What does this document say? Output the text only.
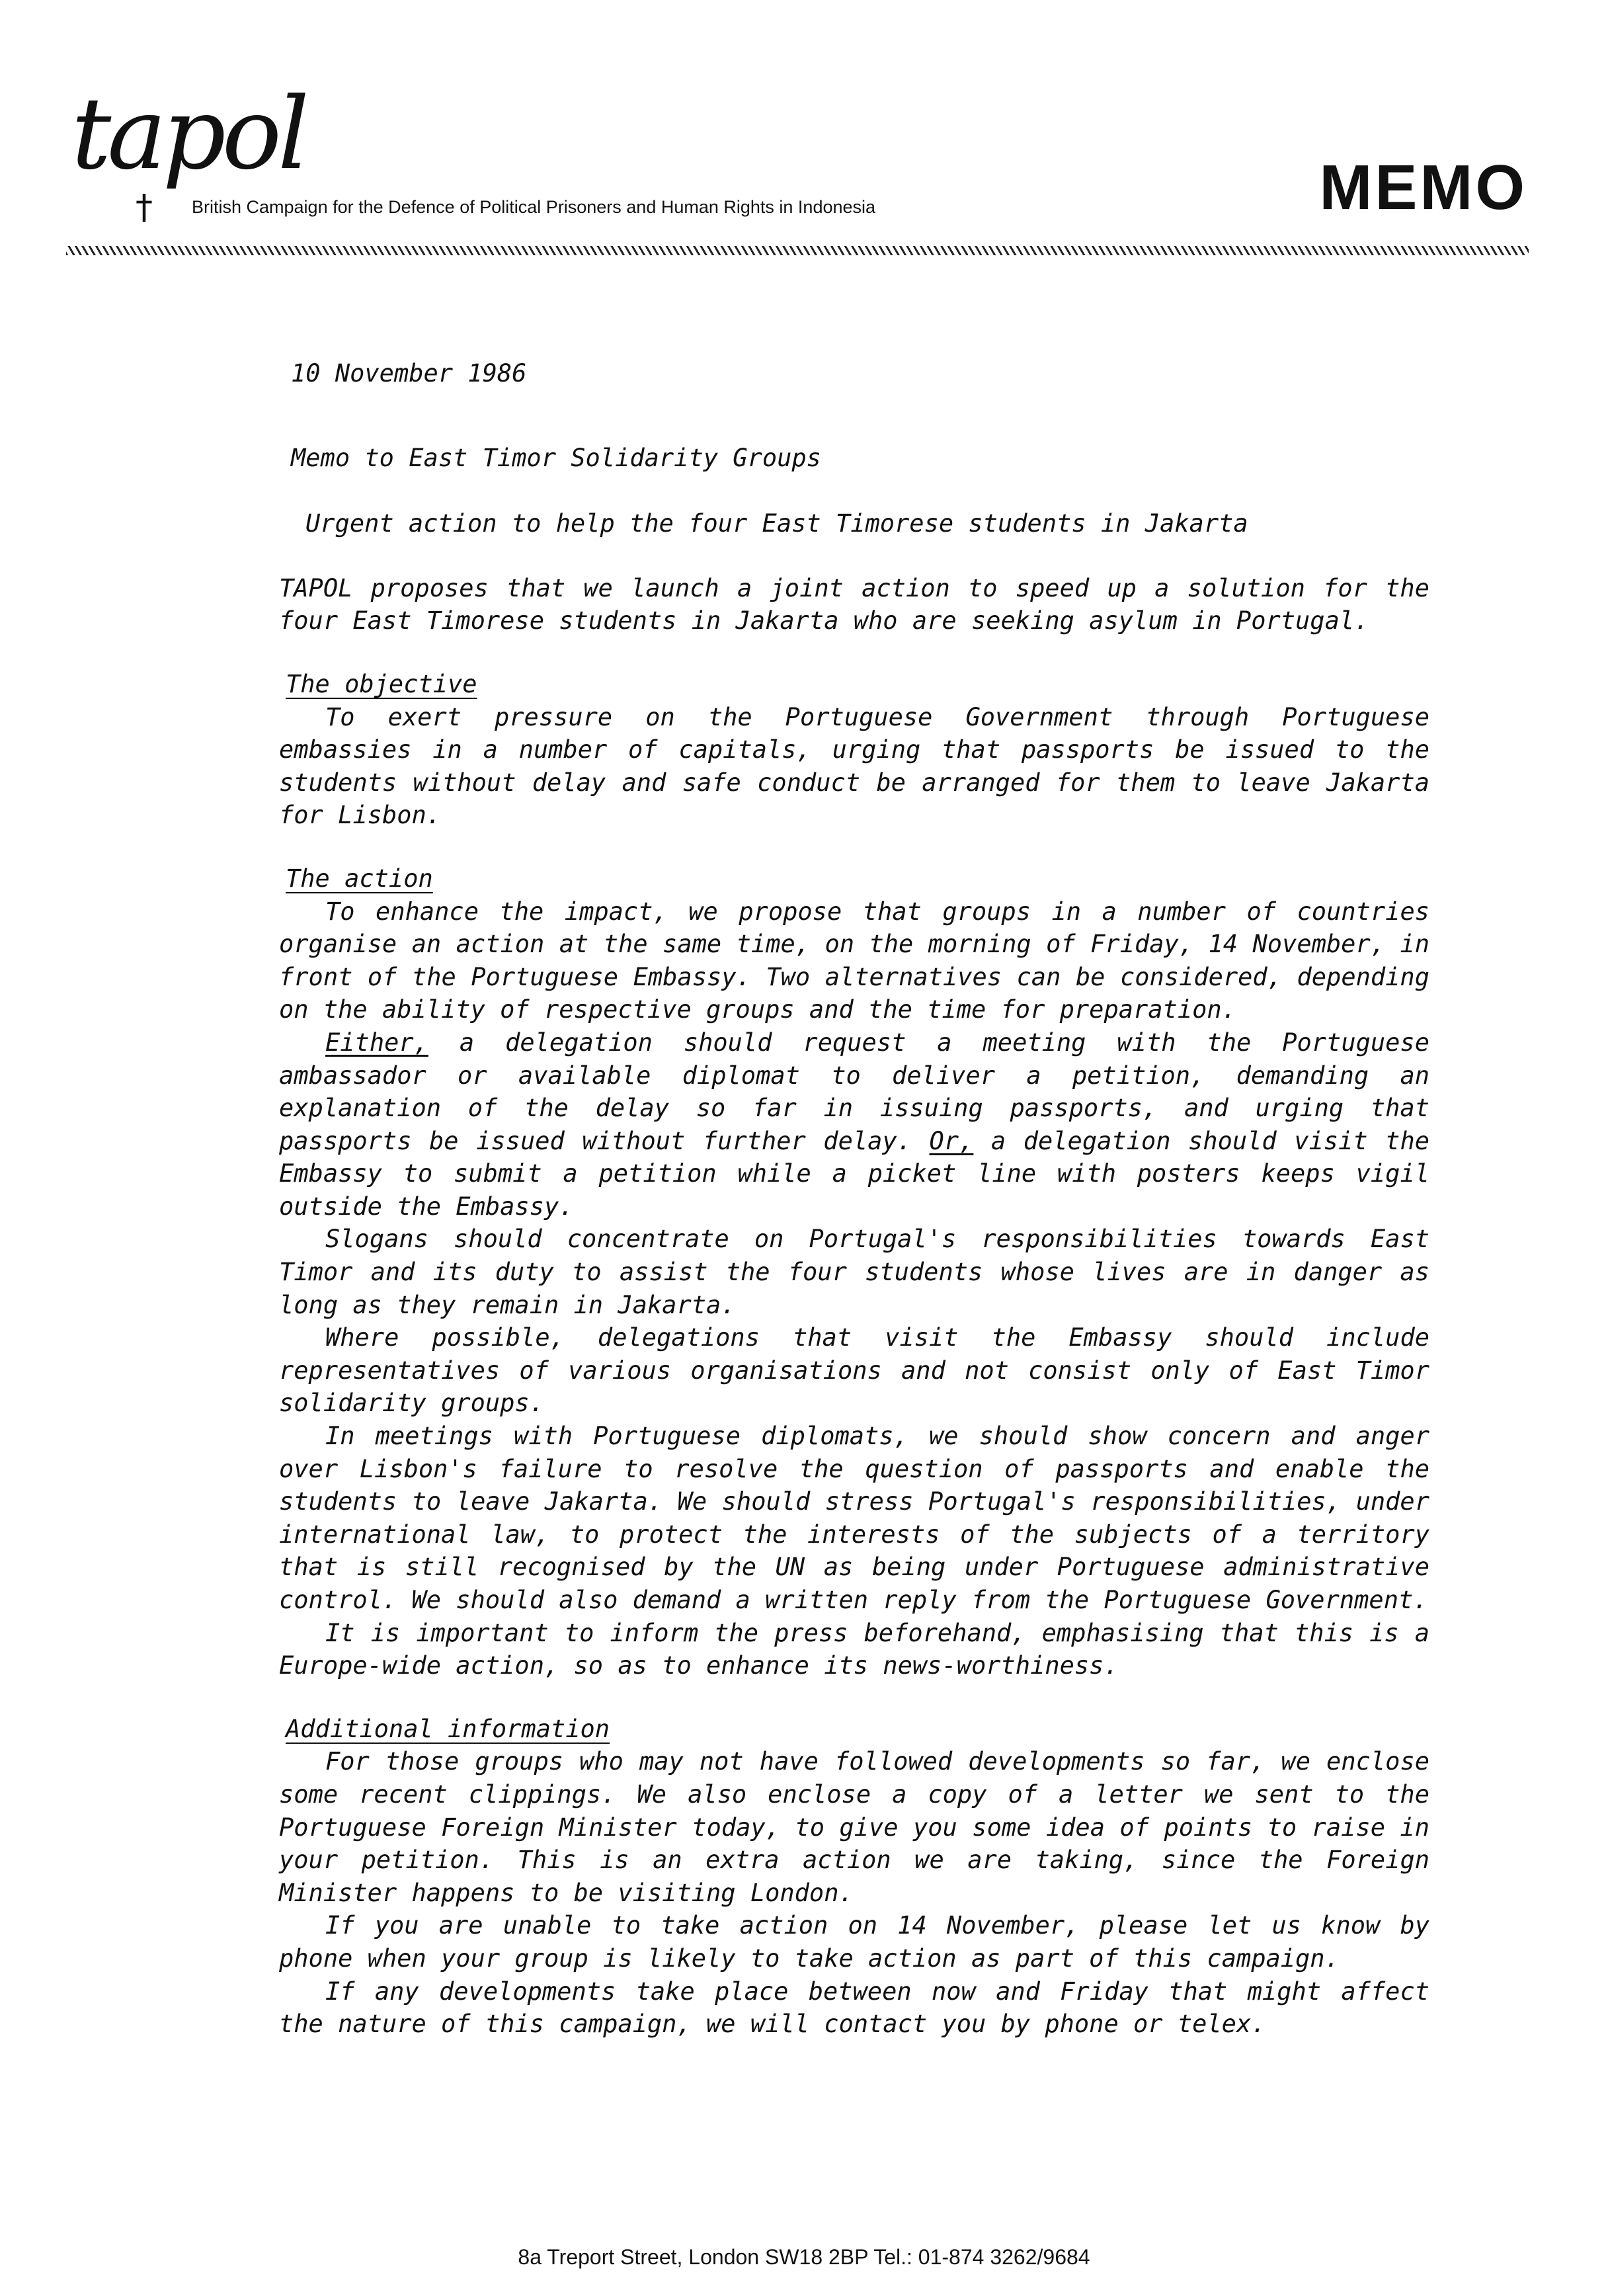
tapol
† British Campaign for the Defence of Political Prisoners and Human Rights in Indonesia	MEMO

10 November 1986

Memo to East Timor Solidarity Groups

Urgent action to help the four East Timorese students in Jakarta

TAPOL proposes that we launch a joint action to speed up a solution for the four East Timorese students in Jakarta who are seeking asylum in Portugal.

The objective

To exert pressure on the Portuguese Government through Portuguese embassies in a number of capitals, urging that passports be issued to the students without delay and safe conduct be arranged for them to leave Jakarta for Lisbon.

The action

To enhance the impact, we propose that groups in a number of countries organise an action at the same time, on the morning of Friday, 14 November, in front of the Portuguese Embassy. Two alternatives can be considered, depending on the ability of respective groups and the time for preparation.

Either, a delegation should request a meeting with the Portuguese ambassador or available diplomat to deliver a petition, demanding an explanation of the delay so far in issuing passports, and urging that passports be issued without further delay. Or, a delegation should visit the Embassy to submit a petition while a picket line with posters keeps vigil outside the Embassy.

Slogans should concentrate on Portugal's responsibilities towards East Timor and its duty to assist the four students whose lives are in danger as long as they remain in Jakarta.

Where possible, delegations that visit the Embassy should include representatives of various organisations and not consist only of East Timor solidarity groups.

In meetings with Portuguese diplomats, we should show concern and anger over Lisbon's failure to resolve the question of passports and enable the students to leave Jakarta. We should stress Portugal's responsibilities, under international law, to protect the interests of the subjects of a territory that is still recognised by the UN as being under Portuguese administrative control. We should also demand a written reply from the Portuguese Government.

It is important to inform the press beforehand, emphasising that this is a Europe-wide action, so as to enhance its news-worthiness.

Additional information

For those groups who may not have followed developments so far, we enclose some recent clippings. We also enclose a copy of a letter we sent to the Portuguese Foreign Minister today, to give you some idea of points to raise in your petition. This is an extra action we are taking, since the Foreign Minister happens to be visiting London.

If you are unable to take action on 14 November, please let us know by phone when your group is likely to take action as part of this campaign.

If any developments take place between now and Friday that might affect the nature of this campaign, we will contact you by phone or telex.

8a Treport Street, London SW18 2BP Tel.: 01-874 3262/9684
